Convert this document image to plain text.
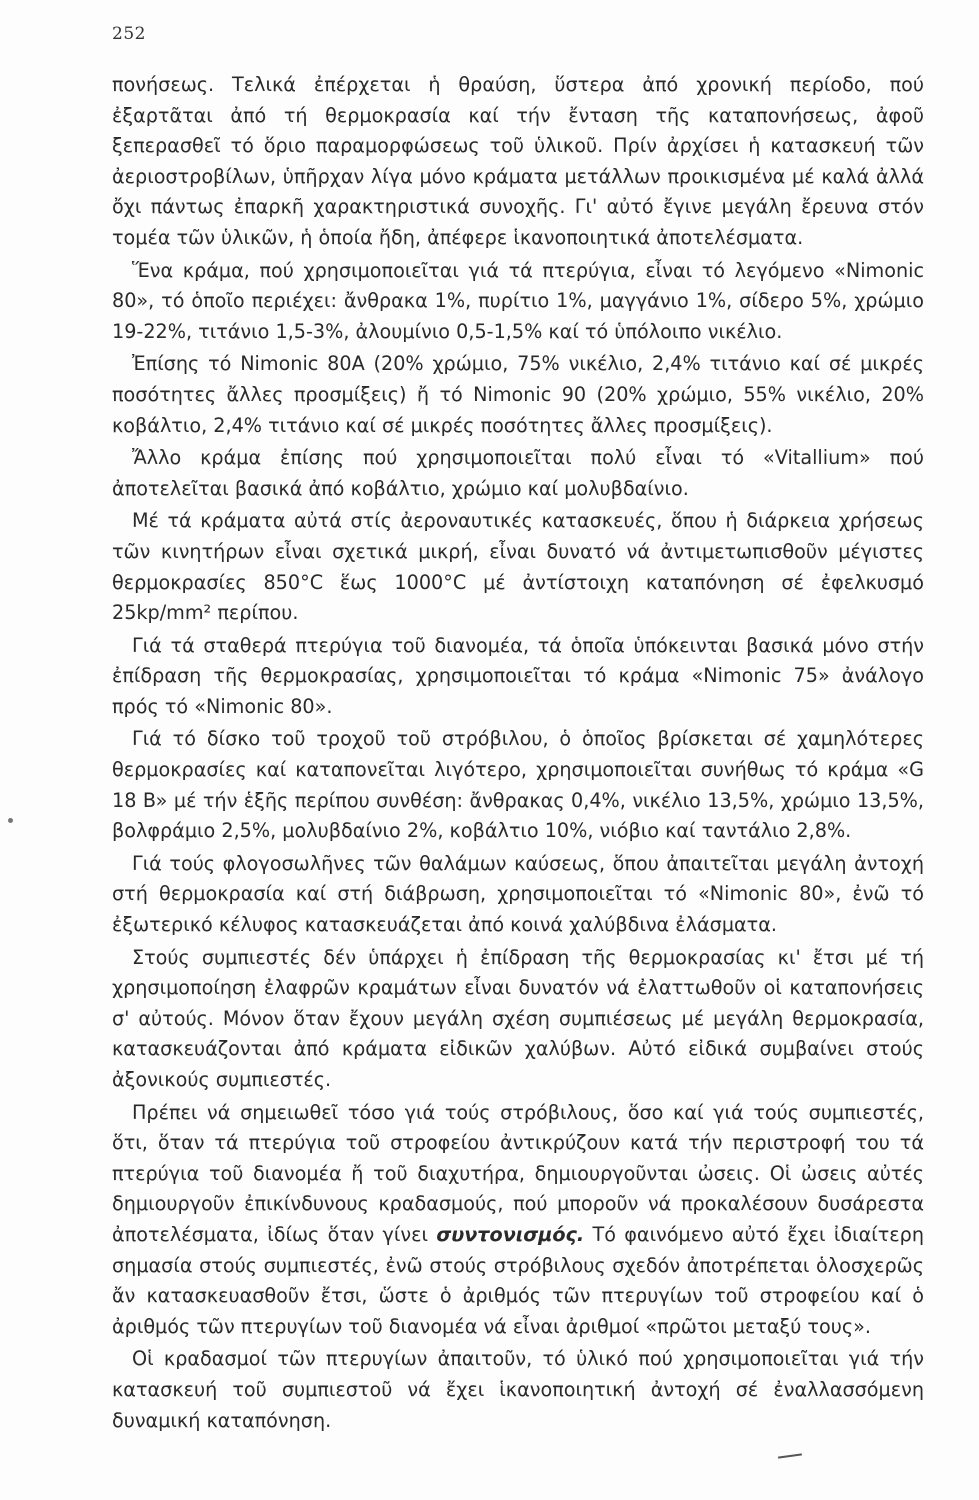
252

πονήσεως. Τελικά ἐπέρχεται ἡ θραύση, ὕστερα ἀπό χρονική περίοδο, πού ἐξαρτᾶται ἀπό τή θερμοκρασία καί τήν ἔνταση τῆς καταπονήσεως, ἀφοῦ ξεπερασθεῖ τό ὅριο παραμορφώσεως τοῦ ὑλικοῦ. Πρίν ἀρχίσει ἡ κατασκευή τῶν ἀεριοστροβίλων, ὑπῆρχαν λίγα μόνο κράματα μετάλλων προικισμένα μέ καλά ἀλλά ὄχι πάντως ἐπαρκῆ χαρακτηριστικά συνοχῆς. Γι' αὐτό ἔγινε μεγάλη ἔρευνα στόν τομέα τῶν ὑλικῶν, ἡ ὁποία ἤδη, ἀπέφερε ἱκανοποιητικά ἀποτελέσματα.

Ἕνα κράμα, πού χρησιμοποιεῖται γιά τά πτερύγια, εἶναι τό λεγόμενο «Nimonic 80», τό ὁποῖο περιέχει: ἄνθρακα 1%, πυρίτιο 1%, μαγγάνιο 1%, σίδερο 5%, χρώμιο 19-22%, τιτάνιο 1,5-3%, ἀλουμίνιο 0,5-1,5% καί τό ὑπόλοιπο νικέλιο.

Ἐπίσης τό Nimonic 80A (20% χρώμιο, 75% νικέλιο, 2,4% τιτάνιο καί σέ μικρές ποσότητες ἄλλες προσμίξεις) ἤ τό Nimonic 90 (20% χρώμιο, 55% νικέλιο, 20% κοβάλτιο, 2,4% τιτάνιο καί σέ μικρές ποσότητες ἄλλες προσμίξεις).

Ἄλλο κράμα ἐπίσης πού χρησιμοποιεῖται πολύ εἶναι τό «Vitallium» πού ἀποτελεῖται βασικά ἀπό κοβάλτιο, χρώμιο καί μολυβδαίνιο.

Μέ τά κράματα αὐτά στίς ἀεροναυτικές κατασκευές, ὅπου ἡ διάρκεια χρήσεως τῶν κινητήρων εἶναι σχετικά μικρή, εἶναι δυνατό νά ἀντιμετωπισθοῦν μέγιστες θερμοκρασίες 850°C ἕως 1000°C μέ ἀντίστοιχη καταπόνηση σέ ἐφελκυσμό 25kp/mm² περίπου.

Γιά τά σταθερά πτερύγια τοῦ διανομέα, τά ὁποῖα ὑπόκεινται βασικά μόνο στήν ἐπίδραση τῆς θερμοκρασίας, χρησιμοποιεῖται τό κράμα «Nimonic 75» ἀνάλογο πρός τό «Nimonic 80».

Γιά τό δίσκο τοῦ τροχοῦ τοῦ στρόβιλου, ὁ ὁποῖος βρίσκεται σέ χαμηλότερες θερμοκρασίες καί καταπονεῖται λιγότερο, χρησιμοποιεῖται συνήθως τό κράμα «G 18 B» μέ τήν ἑξῆς περίπου συνθέση: ἄνθρακας 0,4%, νικέλιο 13,5%, χρώμιο 13,5%, βολφράμιο 2,5%, μολυβδαίνιο 2%, κοβάλτιο 10%, νιόβιο καί ταντάλιο 2,8%.

Γιά τούς φλογοσωλῆνες τῶν θαλάμων καύσεως, ὅπου ἀπαιτεῖται μεγάλη ἀντοχή στή θερμοκρασία καί στή διάβρωση, χρησιμοποιεῖται τό «Nimonic 80», ἐνῶ τό ἐξωτερικό κέλυφος κατασκευάζεται ἀπό κοινά χαλύβδινα ἐλάσματα.

Στούς συμπιεστές δέν ὑπάρχει ἡ ἐπίδραση τῆς θερμοκρασίας κι' ἔτσι μέ τή χρησιμοποίηση ἐλαφρῶν κραμάτων εἶναι δυνατόν νά ἐλαττωθοῦν οἱ καταπονήσεις σ' αὐτούς. Μόνον ὅταν ἔχουν μεγάλη σχέση συμπιέσεως μέ μεγάλη θερμοκρασία, κατασκευάζονται ἀπό κράματα εἰδικῶν χαλύβων. Αὐτό εἰδικά συμβαίνει στούς ἀξονικούς συμπιεστές.

Πρέπει νά σημειωθεῖ τόσο γιά τούς στρόβιλους, ὅσο καί γιά τούς συμπιεστές, ὅτι, ὅταν τά πτερύγια τοῦ στροφείου ἀντικρύζουν κατά τήν περιστροφή του τά πτερύγια τοῦ διανομέα ἤ τοῦ διαχυτήρα, δημιουργοῦνται ὠσεις. Οἱ ὠσεις αὐτές δημιουργοῦν ἐπικίνδυνους κραδασμούς, πού μποροῦν νά προκαλέσουν δυσάρεστα ἀποτελέσματα, ἰδίως ὅταν γίνει συντονισμός. Τό φαινόμενο αὐτό ἔχει ἰδιαίτερη σημασία στούς συμπιεστές, ἐνῶ στούς στρόβιλους σχεδόν ἀποτρέπεται ὁλοσχερῶς ἄν κατασκευασθοῦν ἔτσι, ὥστε ὁ ἀριθμός τῶν πτερυγίων τοῦ στροφείου καί ὁ ἀριθμός τῶν πτερυγίων τοῦ διανομέα νά εἶναι ἀριθμοί «πρῶτοι μεταξύ τους».

Οἱ κραδασμοί τῶν πτερυγίων ἀπαιτοῦν, τό ὑλικό πού χρησιμοποιεῖται γιά τήν κατασκευή τοῦ συμπιεστοῦ νά ἔχει ἱκανοποιητική ἀντοχή σέ ἐναλλασσόμενη δυναμική καταπόνηση.
